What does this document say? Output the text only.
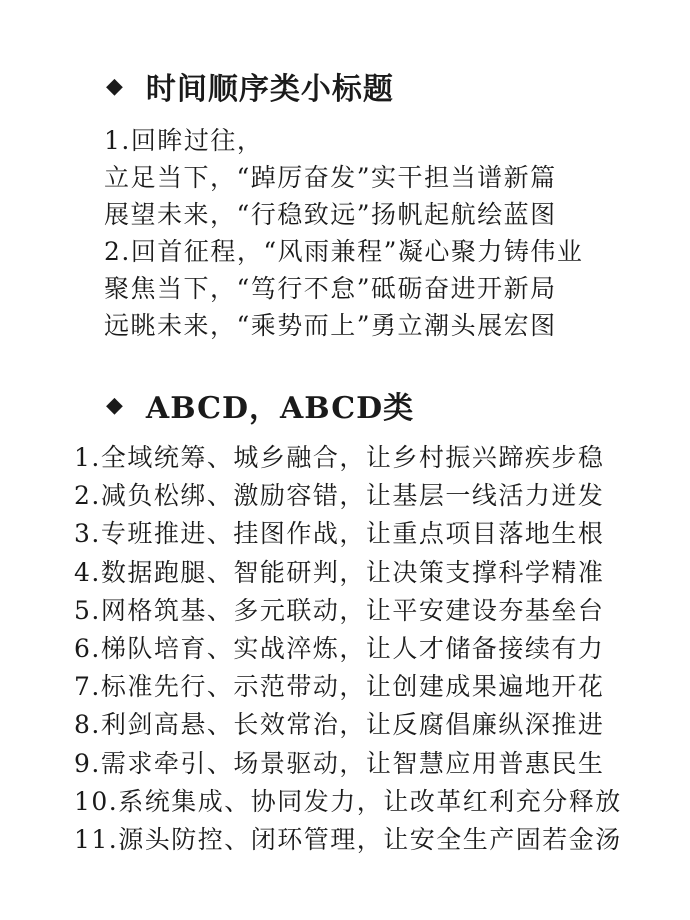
◆ 时间顺序类小标题
1.回眸过往，
立足当下，“踔厉奋发”实干担当谱新篇
展望未来，“行稳致远”扬帆起航绘蓝图
2.回首征程，“风雨兼程”凝心聚力铸伟业
聚焦当下，“笃行不怠”砥砺奋进开新局
远眺未来，“乘势而上”勇立潮头展宏图
◆ ABCD，ABCD类
1.全域统筹、城乡融合，让乡村振兴蹄疾步稳
2.减负松绑、激励容错，让基层一线活力迸发
3.专班推进、挂图作战，让重点项目落地生根
4.数据跑腿、智能研判，让决策支撑科学精准
5.网格筑基、多元联动，让平安建设夯基垒台
6.梯队培育、实战淬炼，让人才储备接续有力
7.标准先行、示范带动，让创建成果遍地开花
8.利剑高悬、长效常治，让反腐倡廉纵深推进
9.需求牵引、场景驱动，让智慧应用普惠民生
10.系统集成、协同发力，让改革红利充分释放
11.源头防控、闭环管理，让安全生产固若金汤
